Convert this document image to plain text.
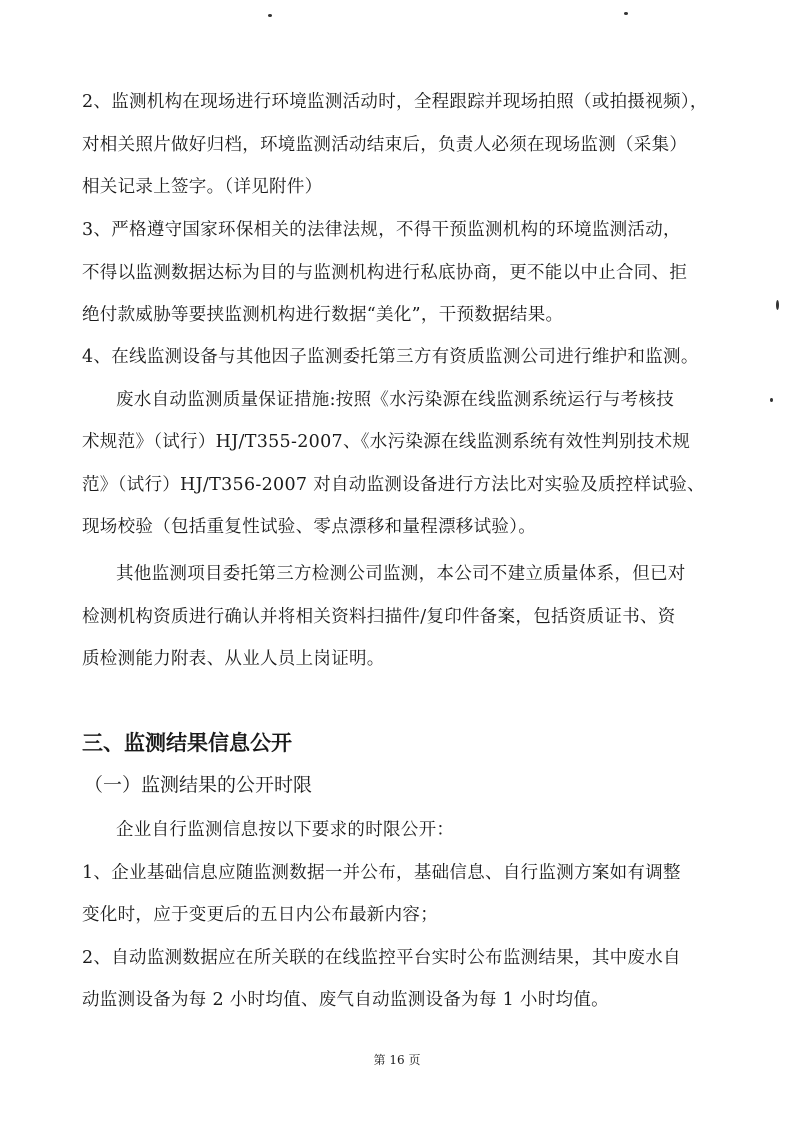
2、监测机构在现场进行环境监测活动时，全程跟踪并现场拍照（或拍摄视频），
对相关照片做好归档，环境监测活动结束后，负责人必须在现场监测（采集）
相关记录上签字。（详见附件）
3、严格遵守国家环保相关的法律法规，不得干预监测机构的环境监测活动，
不得以监测数据达标为目的与监测机构进行私底协商，更不能以中止合同、拒
绝付款威胁等要挟监测机构进行数据“美化”，干预数据结果。
4、在线监测设备与其他因子监测委托第三方有资质监测公司进行维护和监测。
废水自动监测质量保证措施:按照《水污染源在线监测系统运行与考核技
术规范》（试行）HJ/T355-2007、《水污染源在线监测系统有效性判别技术规
范》（试行）HJ/T356-2007 对自动监测设备进行方法比对实验及质控样试验、
现场校验（包括重复性试验、零点漂移和量程漂移试验）。
其他监测项目委托第三方检测公司监测，本公司不建立质量体系，但已对
检测机构资质进行确认并将相关资料扫描件/复印件备案，包括资质证书、资
质检测能力附表、从业人员上岗证明。
三、监测结果信息公开
（一）监测结果的公开时限
企业自行监测信息按以下要求的时限公开：
1、企业基础信息应随监测数据一并公布，基础信息、自行监测方案如有调整
变化时，应于变更后的五日内公布最新内容；
2、自动监测数据应在所关联的在线监控平台实时公布监测结果，其中废水自
动监测设备为每 2 小时均值、废气自动监测设备为每 1 小时均值。
第 16 页
